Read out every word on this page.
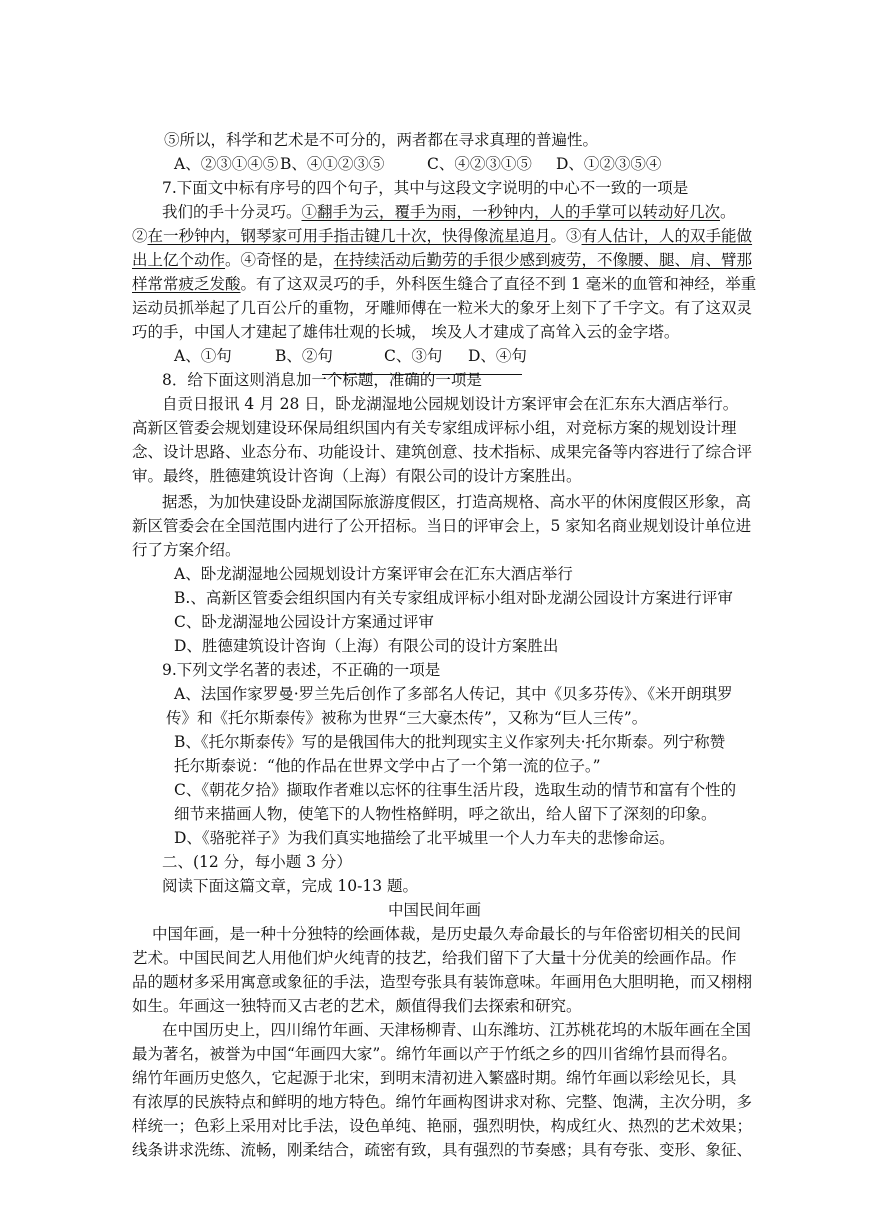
⑤所以，科学和艺术是不可分的，两者都在寻求真理的普遍性。
A、②③①④⑤ B、④①②③⑤	C、④②③①⑤ D、①②③⑤④
7.下面文中标有序号的四个句子，其中与这段文字说明的中心不一致的一项是
我们的手十分灵巧。①翻手为云，覆手为雨，一秒钟内，人的手掌可以转动好几次。
②在一秒钟内，钢琴家可用手指击键几十次，快得像流星追月。③有人估计，人的双手能做
出上亿个动作。④奇怪的是，在持续活动后勤劳的手很少感到疲劳，不像腰、腿、肩、臂那
样常常疲乏发酸。有了这双灵巧的手，外科医生缝合了直径不到 1 毫米的血管和神经，举重
运动员抓举起了几百公斤的重物，牙雕师傅在一粒米大的象牙上刻下了千字文。有了这双灵
巧的手，中国人才建起了雄伟壮观的长城， 埃及人才建成了高耸入云的金字塔。
A、①句	B、②句	C、③句 D、④句
8．给下面这则消息加一个标题，准确的一项是
自贡日报讯 4 月 28 日，卧龙湖湿地公园规划设计方案评审会在汇东东大酒店举行。
高新区管委会规划建设环保局组织国内有关专家组成评标小组，对竞标方案的规划设计理
念、设计思路、业态分布、功能设计、建筑创意、技术指标、成果完备等内容进行了综合评
审。最终，胜德建筑设计咨询（上海）有限公司的设计方案胜出。
据悉，为加快建设卧龙湖国际旅游度假区，打造高规格、高水平的休闲度假区形象，高
新区管委会在全国范围内进行了公开招标。当日的评审会上，5 家知名商业规划设计单位进
行了方案介绍。
A、卧龙湖湿地公园规划设计方案评审会在汇东大酒店举行
B.、高新区管委会组织国内有关专家组成评标小组对卧龙湖公园设计方案进行评审
C、卧龙湖湿地公园设计方案通过评审
D、胜德建筑设计咨询（上海）有限公司的设计方案胜出
9.下列文学名著的表述，不正确的一项是
A、法国作家罗曼·罗兰先后创作了多部名人传记，其中《贝多芬传》、《米开朗琪罗
传》和《托尔斯泰传》被称为世界“三大豪杰传”，又称为“巨人三传”。
B、《托尔斯泰传》写的是俄国伟大的批判现实主义作家列夫·托尔斯泰。列宁称赞
托尔斯泰说：“他的作品在世界文学中占了一个第一流的位子。”
C、《朝花夕拾》撷取作者难以忘怀的往事生活片段，选取生动的情节和富有个性的
细节来描画人物，使笔下的人物性格鲜明，呼之欲出，给人留下了深刻的印象。
D、《骆驼祥子》为我们真实地描绘了北平城里一个人力车夫的悲惨命运。
二、(12 分，每小题 3 分）
阅读下面这篇文章，完成 10-13 题。
中国民间年画
中国年画，是一种十分独特的绘画体裁，是历史最久寿命最长的与年俗密切相关的民间
艺术。中国民间艺人用他们炉火纯青的技艺，给我们留下了大量十分优美的绘画作品。作
品的题材多采用寓意或象征的手法，造型夸张具有装饰意味。年画用色大胆明艳，而又栩栩
如生。年画这一独特而又古老的艺术，颇值得我们去探索和研究。
在中国历史上，四川绵竹年画、天津杨柳青、山东潍坊、江苏桃花坞的木版年画在全国
最为著名，被誉为中国“年画四大家”。绵竹年画以产于竹纸之乡的四川省绵竹县而得名。
绵竹年画历史悠久，它起源于北宋，到明末清初进入繁盛时期。绵竹年画以彩绘见长，具
有浓厚的民族特点和鲜明的地方特色。绵竹年画构图讲求对称、完整、饱满，主次分明，多
样统一；色彩上采用对比手法，设色单纯、艳丽，强烈明快，构成红火、热烈的艺术效果；
线条讲求洗练、流畅，刚柔结合，疏密有致，具有强烈的节奏感；具有夸张、变形、象征、
